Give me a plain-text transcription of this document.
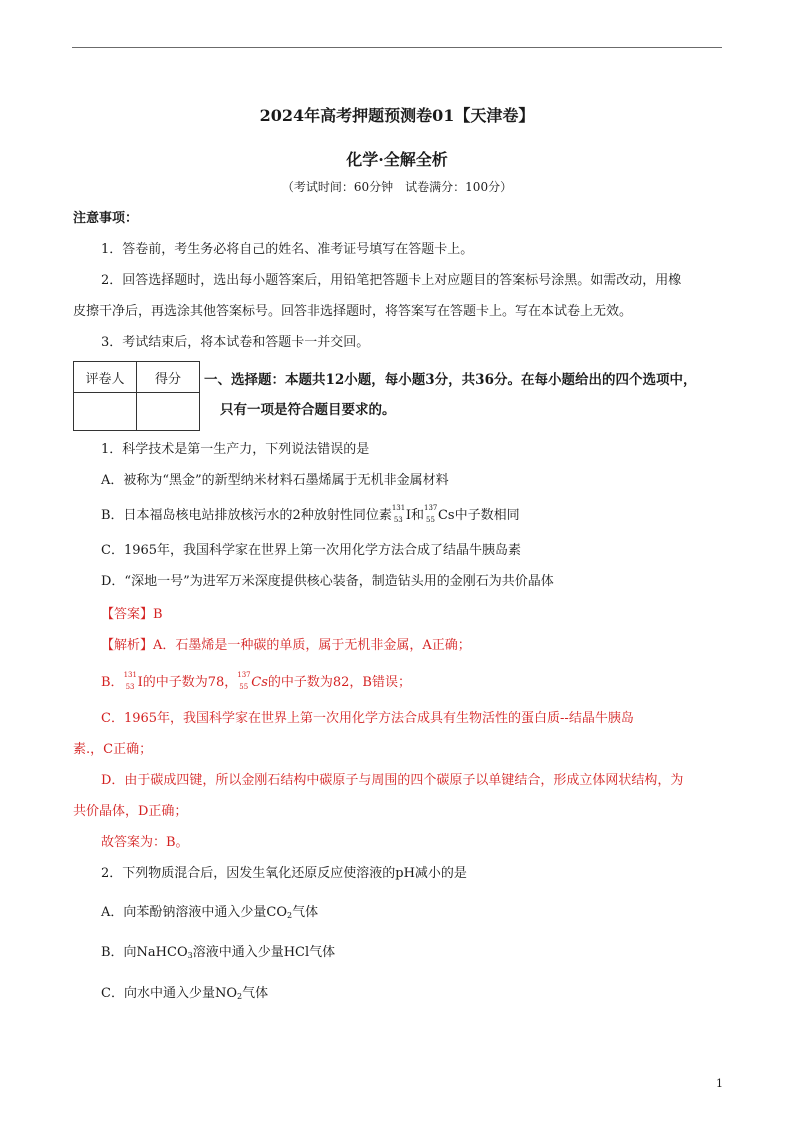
2024年高考押题预测卷01【天津卷】
化学·全解全析
（考试时间：60分钟　试卷满分：100分）
注意事项：
1．答卷前，考生务必将自己的姓名、准考证号填写在答题卡上。
2．回答选择题时，选出每小题答案后，用铅笔把答题卡上对应题目的答案标号涂黑。如需改动，用橡
皮擦干净后，再选涂其他答案标号。回答非选择题时，将答案写在答题卡上。写在本试卷上无效。
3．考试结束后，将本试卷和答题卡一并交回。
评卷人	得分
	一、选择题：本题共12小题，每小题3分，共36分。在每小题给出的四个选项中，
只有一项是符合题目要求的。
1．科学技术是第一生产力，下列说法错误的是
A．被称为“黑金”的新型纳米材料石墨烯属于无机非金属材料
B．日本福岛核电站排放核污水的2种放射性同位素 131
53 I和 137
55 Cs中子数相同
C．1965年，我国科学家在世界上第一次用化学方法合成了结晶牛胰岛素
D．“深地一号”为进军万米深度提供核心装备，制造钻头用的金刚石为共价晶体
【答案】B
【解析】A．石墨烯是一种碳的单质，属于无机非金属，A正确；
B． 131
53 I的中子数为78， 137
55 Cs的中子数为82，B错误；
C．1965年，我国科学家在世界上第一次用化学方法合成具有生物活性的蛋白质--结晶牛胰岛
素.，C正确；
D．由于碳成四键，所以金刚石结构中碳原子与周围的四个碳原子以单键结合，形成立体网状结构，为
共价晶体，D正确；
故答案为：B。
2．下列物质混合后，因发生氧化还原反应使溶液的pH减小的是
A．向苯酚钠溶液中通入少量CO2气体
B．向NaHCO3溶液中通入少量HCl气体
C．向水中通入少量NO2气体
1
